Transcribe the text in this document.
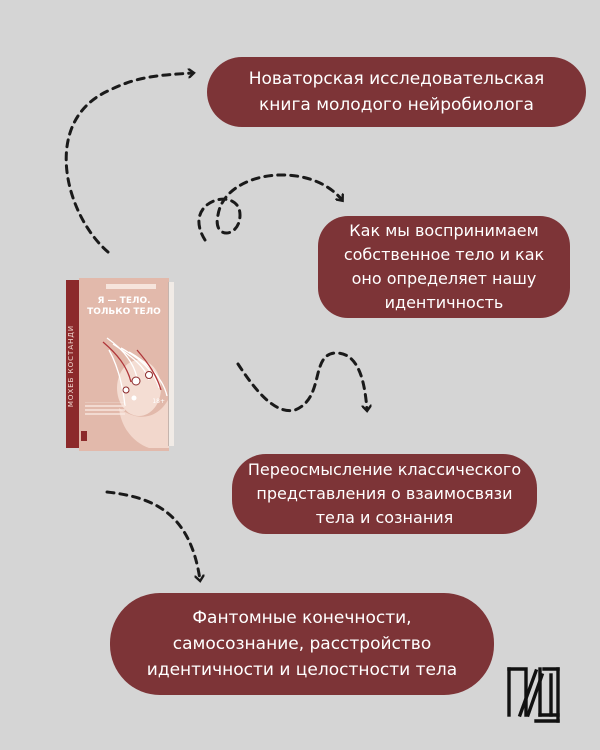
Новаторская исследовательская
книга молодого нейробиолога
Как мы воспринимаем
собственное тело и как
оно определяет нашу
идентичность
Переосмысление классического
представления о взаимосвязи
тела и сознания
Фантомные конечности,
самосознание, расстройство
идентичности и целостности тела
МОХЕБ КОСТАНДИ
Я — ТЕЛО.
ТОЛЬКО ТЕЛО
18+
